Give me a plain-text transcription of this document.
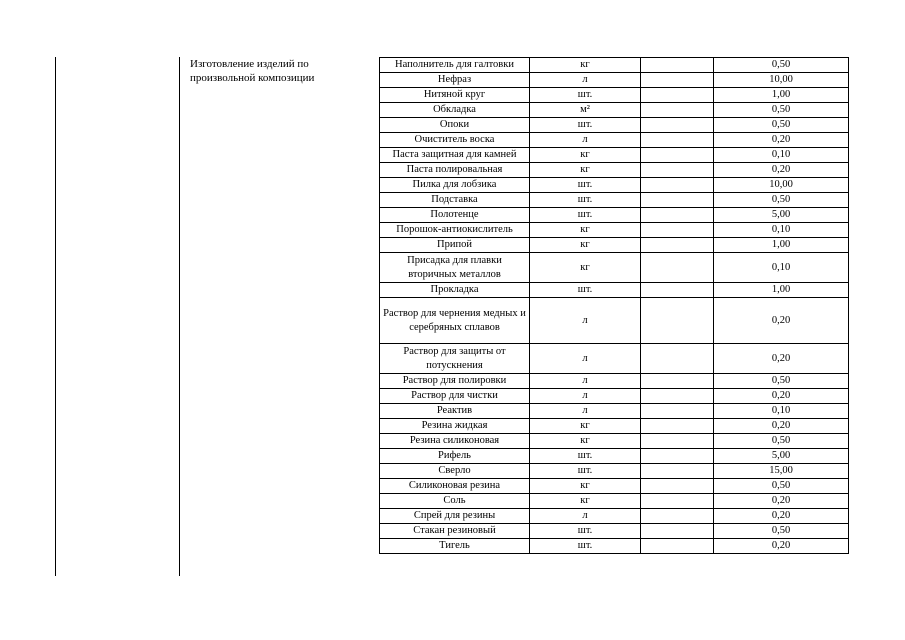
Изготовление изделий по произвольной композиции
Наполнитель для галтовки	кг		0,50
Нефраз	л		10,00
Нитяной круг	шт.		1,00
Обкладка	м²		0,50
Опоки	шт.		0,50
Очиститель воска	л		0,20
Паста защитная для камней	кг		0,10
Паста полировальная	кг		0,20
Пилка для лобзика	шт.		10,00
Подставка	шт.		0,50
Полотенце	шт.		5,00
Порошок-антиокислитель	кг		0,10
Припой	кг		1,00
Присадка для плавки вторичных металлов	кг		0,10
Прокладка	шт.		1,00
Раствор для чернения медных и серебряных сплавов	л		0,20
Раствор для защиты от потускнения	л		0,20
Раствор для полировки	л		0,50
Раствор для чистки	л		0,20
Реактив	л		0,10
Резина жидкая	кг		0,20
Резина силиконовая	кг		0,50
Рифель	шт.		5,00
Сверло	шт.		15,00
Силиконовая резина	кг		0,50
Соль	кг		0,20
Спрей для резины	л		0,20
Стакан резиновый	шт.		0,50
Тигель	шт.		0,20
